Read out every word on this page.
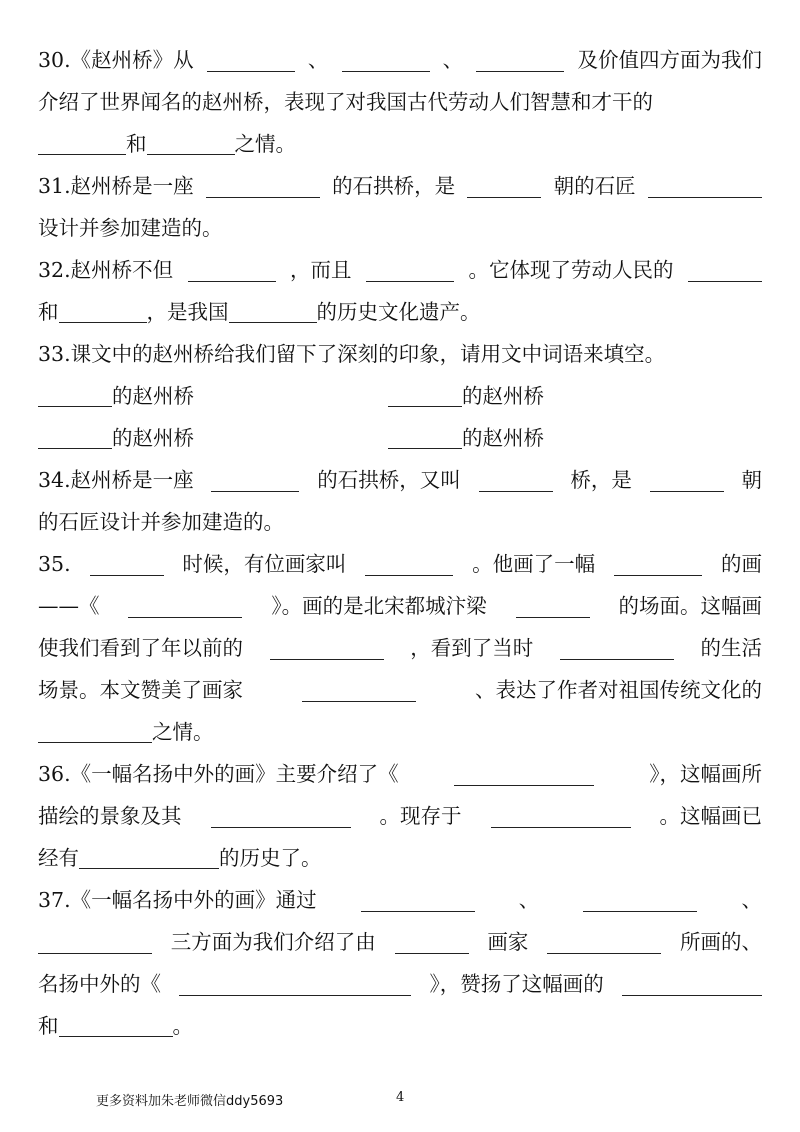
30.《赵州桥》从	、	、	及价值四方面为我们
介绍了世界闻名的赵州桥，表现了对我国古代劳动人们智慧和才干的
和	之情。
31.赵州桥是一座	的石拱桥，是	朝的石匠
设计并参加建造的。
32.赵州桥不但	，而且	。它体现了劳动人民的
和	，是我国	的历史文化遗产。
33.课文中的赵州桥给我们留下了深刻的印象，请用文中词语来填空。
的赵州桥	的赵州桥
的赵州桥	的赵州桥
34.赵州桥是一座	的石拱桥，又叫	桥，是	朝
的石匠设计并参加建造的。
35.	时候，有位画家叫	。他画了一幅	的画
——《	》。画的是北宋都城汴梁	的场面。这幅画
使我们看到了年以前的	，看到了当时	的生活
场景。本文赞美了画家	、表达了作者对祖国传统文化的
之情。
36.《一幅名扬中外的画》主要介绍了《	》，这幅画所
描绘的景象及其	。现存于	。这幅画已
经有	的历史了。
37.《一幅名扬中外的画》通过	、	、
三方面为我们介绍了由	画家	所画的、
名扬中外的《	》，赞扬了这幅画的
和	。
更多资料加朱老师微信ddy5693	4
